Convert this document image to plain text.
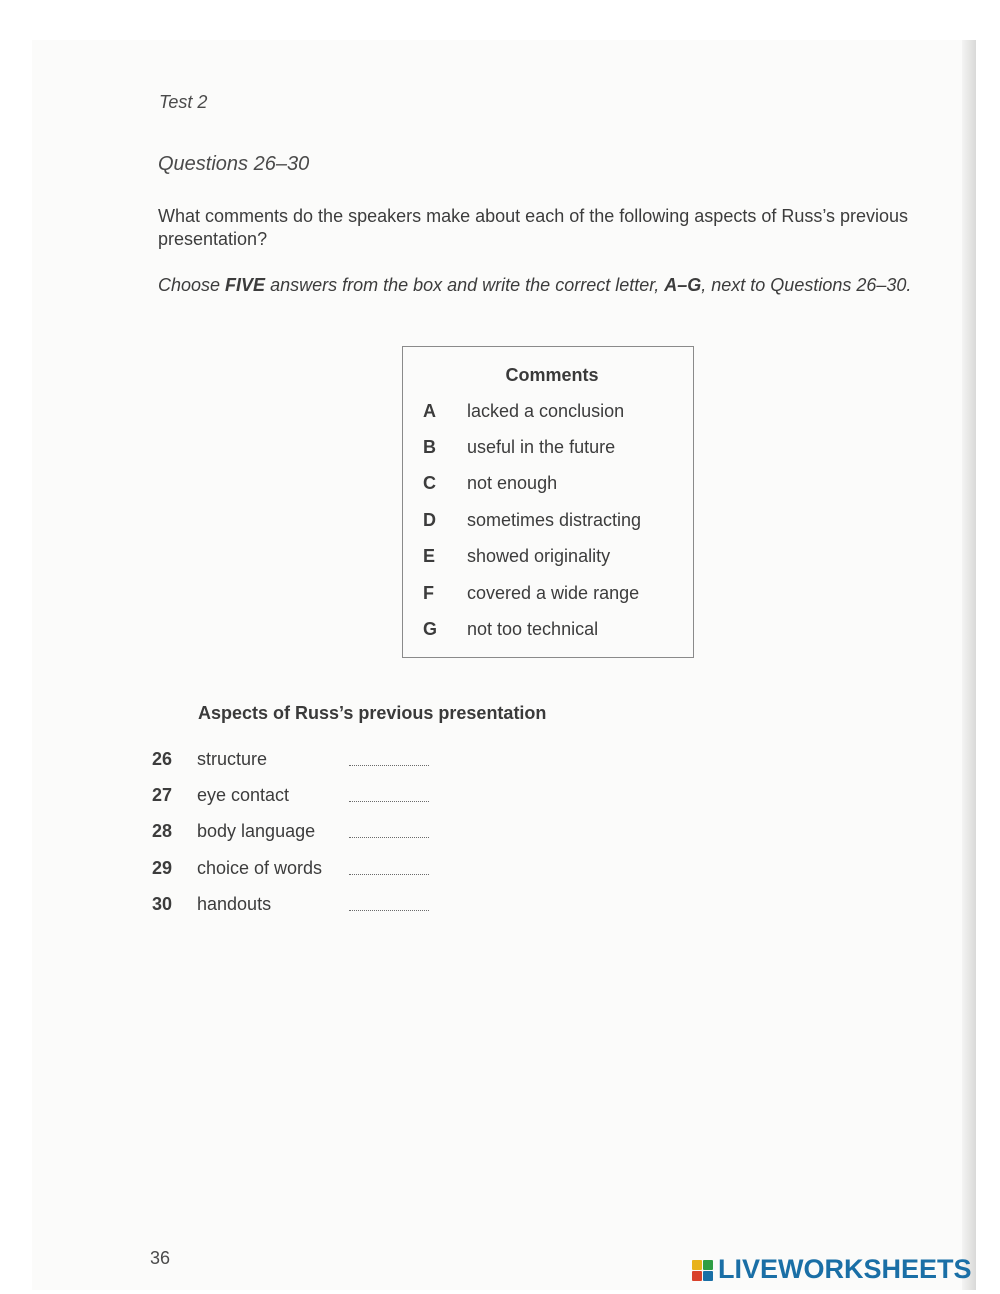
Test 2
Questions 26–30
What comments do the speakers make about each of the following aspects of Russ’s previous presentation?
Choose FIVE answers from the box and write the correct letter, A–G, next to Questions 26–30.
Comments
A lacked a conclusion
B useful in the future
C not enough
D sometimes distracting
E showed originality
F covered a wide range
G not too technical
Aspects of Russ’s previous presentation
26 structure
27 eye contact
28 body language
29 choice of words
30 handouts
36	LIVEWORKSHEETS
